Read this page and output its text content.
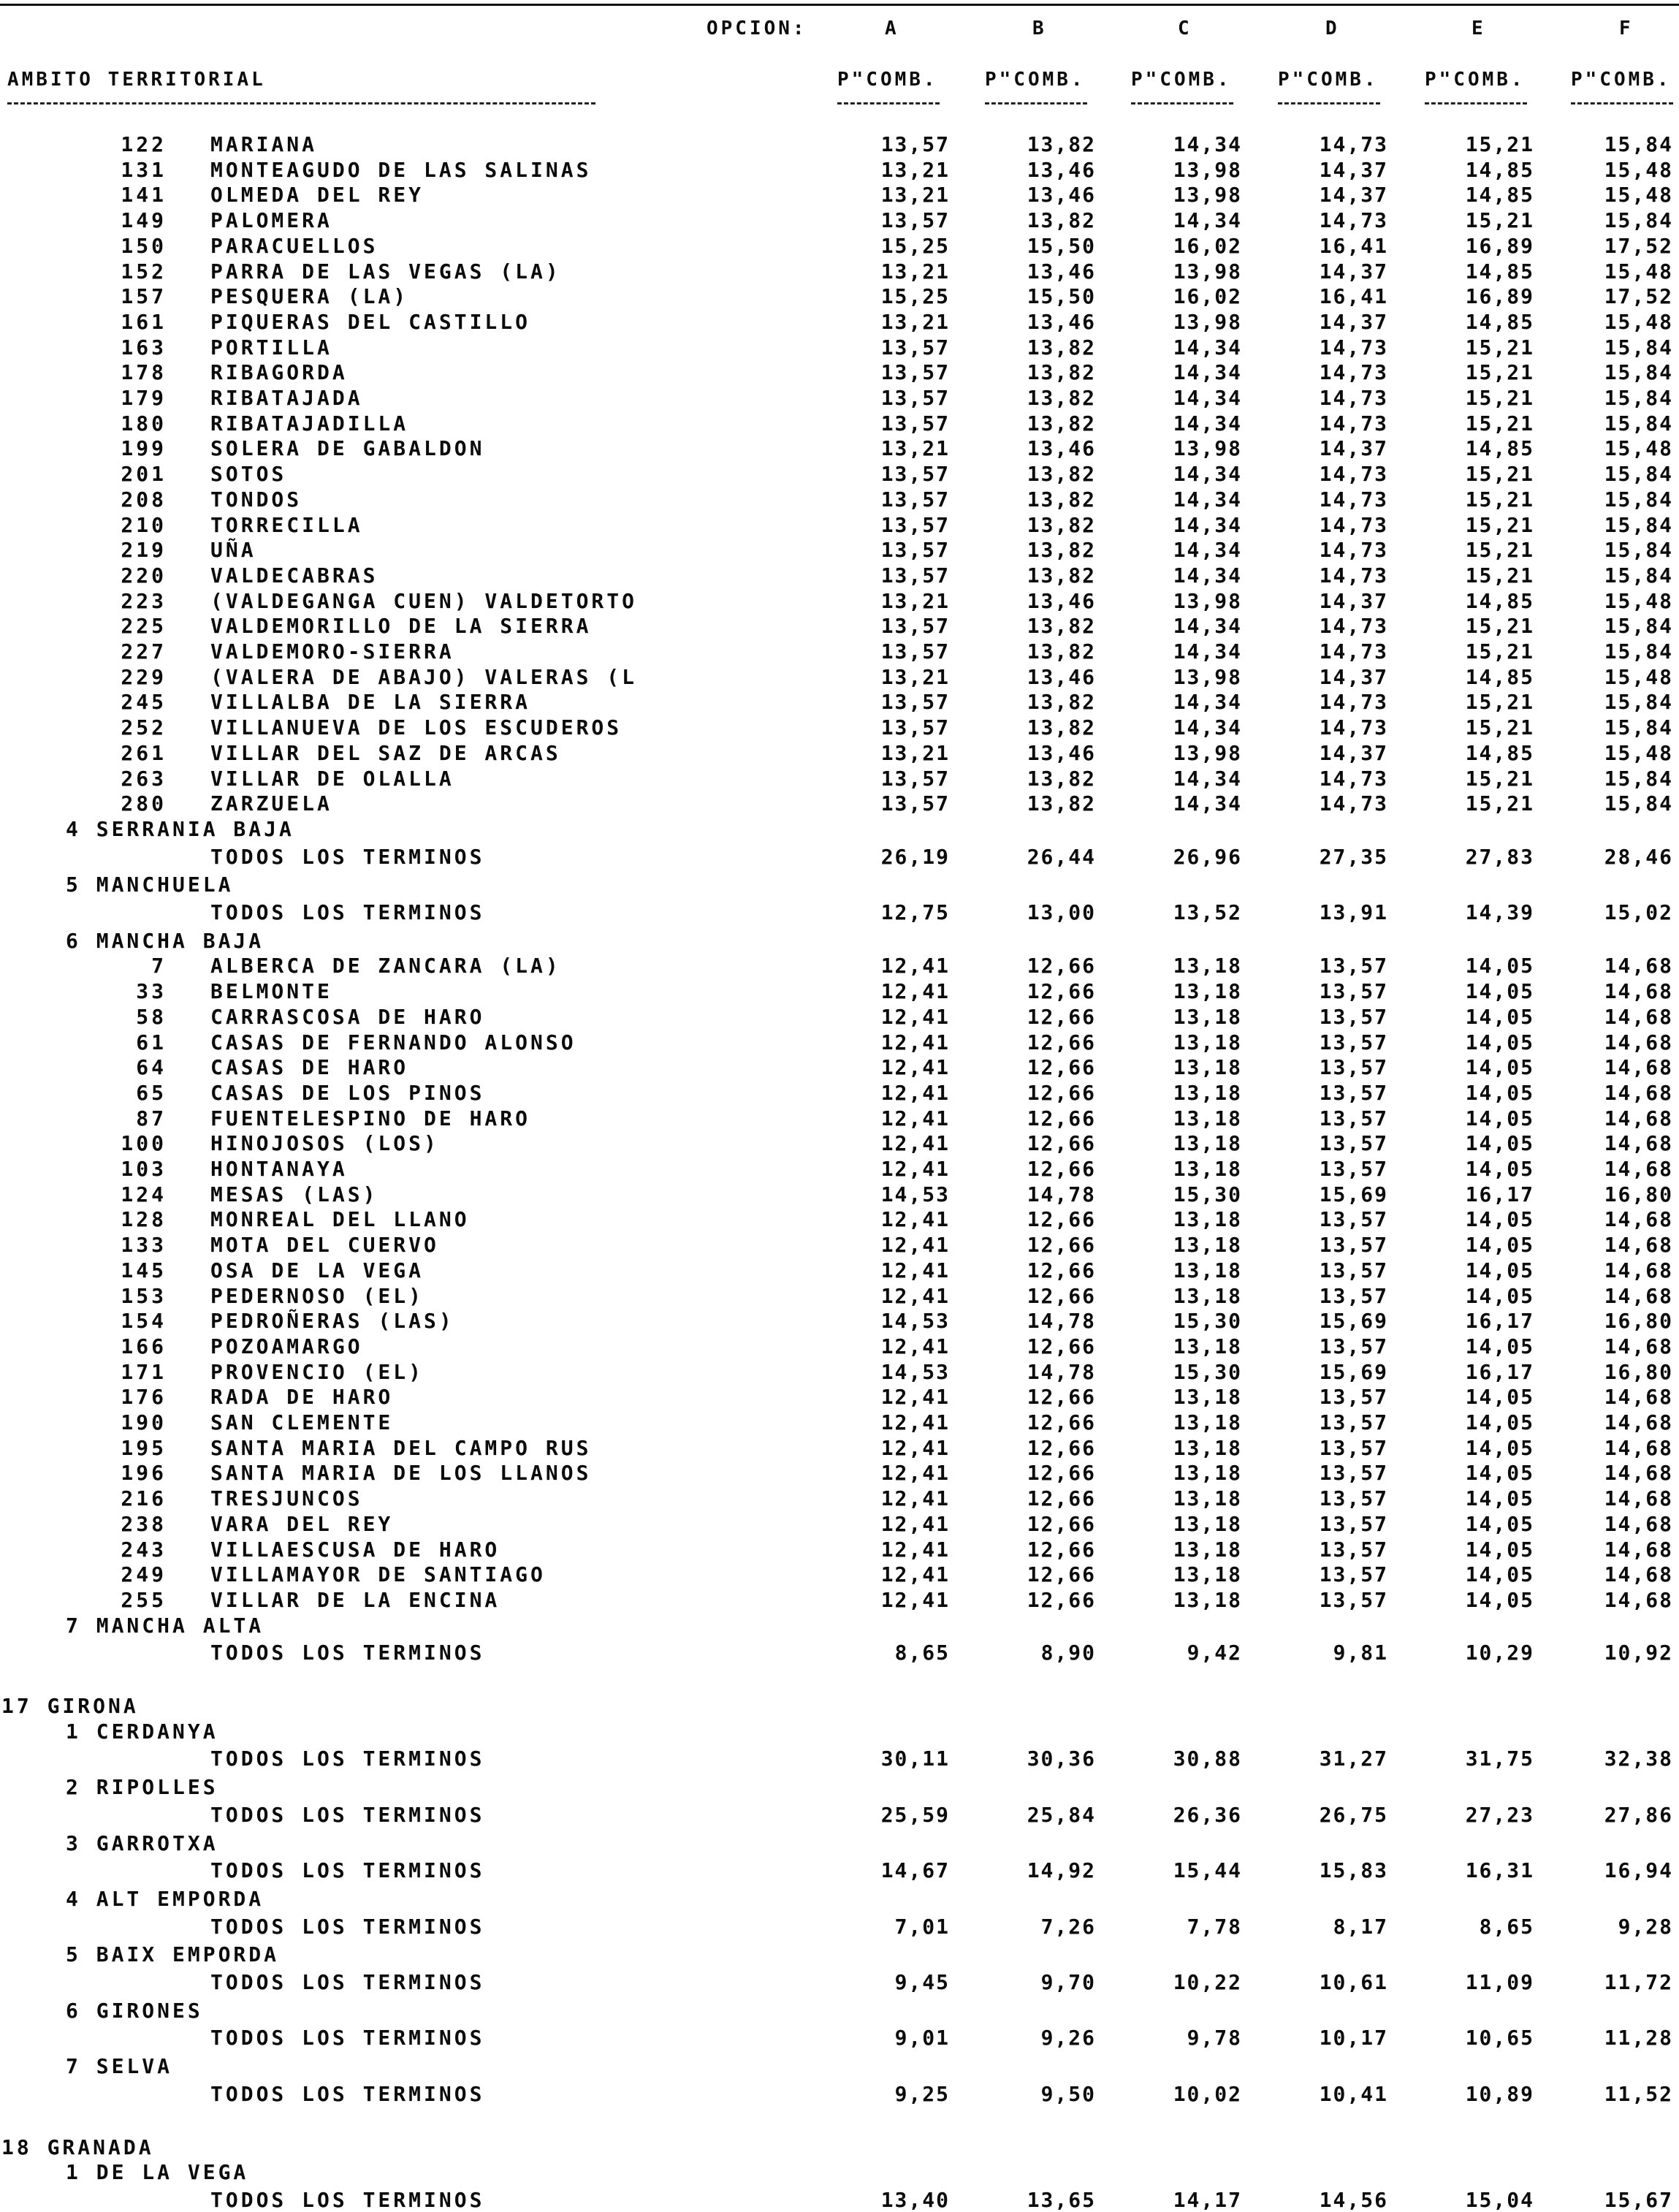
OPCION:	A	B	C	D	E	F
AMBITO TERRITORIAL	P"COMB. P"COMB. P"COMB. P"COMB. P"COMB. P"COMB.
122 MARIANA	13,57	13,82	14,34	14,73	15,21	15,84
131 MONTEAGUDO DE LAS SALINAS	13,21	13,46	13,98	14,37	14,85	15,48
141 OLMEDA DEL REY	13,21	13,46	13,98	14,37	14,85	15,48
149 PALOMERA	13,57	13,82	14,34	14,73	15,21	15,84
150 PARACUELLOS	15,25	15,50	16,02	16,41	16,89	17,52
152 PARRA DE LAS VEGAS (LA)	13,21	13,46	13,98	14,37	14,85	15,48
157 PESQUERA (LA)	15,25	15,50	16,02	16,41	16,89	17,52
161 PIQUERAS DEL CASTILLO	13,21	13,46	13,98	14,37	14,85	15,48
163 PORTILLA	13,57	13,82	14,34	14,73	15,21	15,84
178 RIBAGORDA	13,57	13,82	14,34	14,73	15,21	15,84
179 RIBATAJADA	13,57	13,82	14,34	14,73	15,21	15,84
180 RIBATAJADILLA	13,57	13,82	14,34	14,73	15,21	15,84
199 SOLERA DE GABALDON	13,21	13,46	13,98	14,37	14,85	15,48
201 SOTOS	13,57	13,82	14,34	14,73	15,21	15,84
208 TONDOS	13,57	13,82	14,34	14,73	15,21	15,84
210 TORRECILLA	13,57	13,82	14,34	14,73	15,21	15,84
219 UÑA	13,57	13,82	14,34	14,73	15,21	15,84
220 VALDECABRAS	13,57	13,82	14,34	14,73	15,21	15,84
223 (VALDEGANGA CUEN) VALDETORTO	13,21	13,46	13,98	14,37	14,85	15,48
225 VALDEMORILLO DE LA SIERRA	13,57	13,82	14,34	14,73	15,21	15,84
227 VALDEMORO-SIERRA	13,57	13,82	14,34	14,73	15,21	15,84
229 (VALERA DE ABAJO) VALERAS (L	13,21	13,46	13,98	14,37	14,85	15,48
245 VILLALBA DE LA SIERRA	13,57	13,82	14,34	14,73	15,21	15,84
252 VILLANUEVA DE LOS ESCUDEROS	13,57	13,82	14,34	14,73	15,21	15,84
261 VILLAR DEL SAZ DE ARCAS	13,21	13,46	13,98	14,37	14,85	15,48
263 VILLAR DE OLALLA	13,57	13,82	14,34	14,73	15,21	15,84
280 ZARZUELA	13,57	13,82	14,34	14,73	15,21	15,84
4 SERRANIA BAJA
TODOS LOS TERMINOS	26,19	26,44	26,96	27,35	27,83	28,46
5 MANCHUELA
TODOS LOS TERMINOS	12,75	13,00	13,52	13,91	14,39	15,02
6 MANCHA BAJA
7 ALBERCA DE ZANCARA (LA)	12,41	12,66	13,18	13,57	14,05	14,68
33 BELMONTE	12,41	12,66	13,18	13,57	14,05	14,68
58 CARRASCOSA DE HARO	12,41	12,66	13,18	13,57	14,05	14,68
61 CASAS DE FERNANDO ALONSO	12,41	12,66	13,18	13,57	14,05	14,68
64 CASAS DE HARO	12,41	12,66	13,18	13,57	14,05	14,68
65 CASAS DE LOS PINOS	12,41	12,66	13,18	13,57	14,05	14,68
87 FUENTELESPINO DE HARO	12,41	12,66	13,18	13,57	14,05	14,68
100 HINOJOSOS (LOS)	12,41	12,66	13,18	13,57	14,05	14,68
103 HONTANAYA	12,41	12,66	13,18	13,57	14,05	14,68
124 MESAS (LAS)	14,53	14,78	15,30	15,69	16,17	16,80
128 MONREAL DEL LLANO	12,41	12,66	13,18	13,57	14,05	14,68
133 MOTA DEL CUERVO	12,41	12,66	13,18	13,57	14,05	14,68
145 OSA DE LA VEGA	12,41	12,66	13,18	13,57	14,05	14,68
153 PEDERNOSO (EL)	12,41	12,66	13,18	13,57	14,05	14,68
154 PEDROÑERAS (LAS)	14,53	14,78	15,30	15,69	16,17	16,80
166 POZOAMARGO	12,41	12,66	13,18	13,57	14,05	14,68
171 PROVENCIO (EL)	14,53	14,78	15,30	15,69	16,17	16,80
176 RADA DE HARO	12,41	12,66	13,18	13,57	14,05	14,68
190 SAN CLEMENTE	12,41	12,66	13,18	13,57	14,05	14,68
195 SANTA MARIA DEL CAMPO RUS	12,41	12,66	13,18	13,57	14,05	14,68
196 SANTA MARIA DE LOS LLANOS	12,41	12,66	13,18	13,57	14,05	14,68
216 TRESJUNCOS	12,41	12,66	13,18	13,57	14,05	14,68
238 VARA DEL REY	12,41	12,66	13,18	13,57	14,05	14,68
243 VILLAESCUSA DE HARO	12,41	12,66	13,18	13,57	14,05	14,68
249 VILLAMAYOR DE SANTIAGO	12,41	12,66	13,18	13,57	14,05	14,68
255 VILLAR DE LA ENCINA	12,41	12,66	13,18	13,57	14,05	14,68
7 MANCHA ALTA
TODOS LOS TERMINOS	8,65	8,90	9,42	9,81	10,29	10,92
17 GIRONA
1 CERDANYA
TODOS LOS TERMINOS	30,11	30,36	30,88	31,27	31,75	32,38
2 RIPOLLES
TODOS LOS TERMINOS	25,59	25,84	26,36	26,75	27,23	27,86
3 GARROTXA
TODOS LOS TERMINOS	14,67	14,92	15,44	15,83	16,31	16,94
4 ALT EMPORDA
TODOS LOS TERMINOS	7,01	7,26	7,78	8,17	8,65	9,28
5 BAIX EMPORDA
TODOS LOS TERMINOS	9,45	9,70	10,22	10,61	11,09	11,72
6 GIRONES
TODOS LOS TERMINOS	9,01	9,26	9,78	10,17	10,65	11,28
7 SELVA
TODOS LOS TERMINOS	9,25	9,50	10,02	10,41	10,89	11,52
18 GRANADA
1 DE LA VEGA
TODOS LOS TERMINOS	13,40	13,65	14,17	14,56	15,04	15,67
